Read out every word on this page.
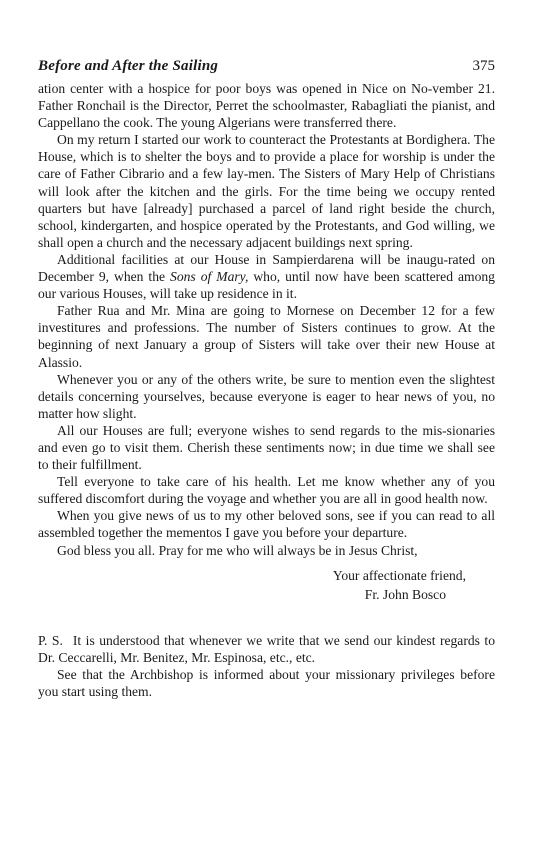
Before and After the Sailing	375

ation center with a hospice for poor boys was opened in Nice on No-vember 21. Father Ronchail is the Director, Perret the schoolmaster, Rabagliati the pianist, and Cappellano the cook. The young Algerians were transferred there.

On my return I started our work to counteract the Protestants at Bordighera. The House, which is to shelter the boys and to provide a place for worship is under the care of Father Cibrario and a few lay-men. The Sisters of Mary Help of Christians will look after the kitchen and the girls. For the time being we occupy rented quarters but have [already] purchased a parcel of land right beside the church, school, kindergarten, and hospice operated by the Protestants, and God willing, we shall open a church and the necessary adjacent buildings next spring.

Additional facilities at our House in Sampierdarena will be inaugu-rated on December 9, when the Sons of Mary, who, until now have been scattered among our various Houses, will take up residence in it.

Father Rua and Mr. Mina are going to Mornese on December 12 for a few investitures and professions. The number of Sisters continues to grow. At the beginning of next January a group of Sisters will take over their new House at Alassio.

Whenever you or any of the others write, be sure to mention even the slightest details concerning yourselves, because everyone is eager to hear news of you, no matter how slight.

All our Houses are full; everyone wishes to send regards to the mis-sionaries and even go to visit them. Cherish these sentiments now; in due time we shall see to their fulfillment.

Tell everyone to take care of his health. Let me know whether any of you suffered discomfort during the voyage and whether you are all in good health now.

When you give news of us to my other beloved sons, see if you can read to all assembled together the mementos I gave you before your departure.

God bless you all. Pray for me who will always be in Jesus Christ,

Your affectionate friend,
Fr. John Bosco

P. S. It is understood that whenever we write that we send our kindest regards to Dr. Ceccarelli, Mr. Benitez, Mr. Espinosa, etc., etc.

See that the Archbishop is informed about your missionary privileges before you start using them.
